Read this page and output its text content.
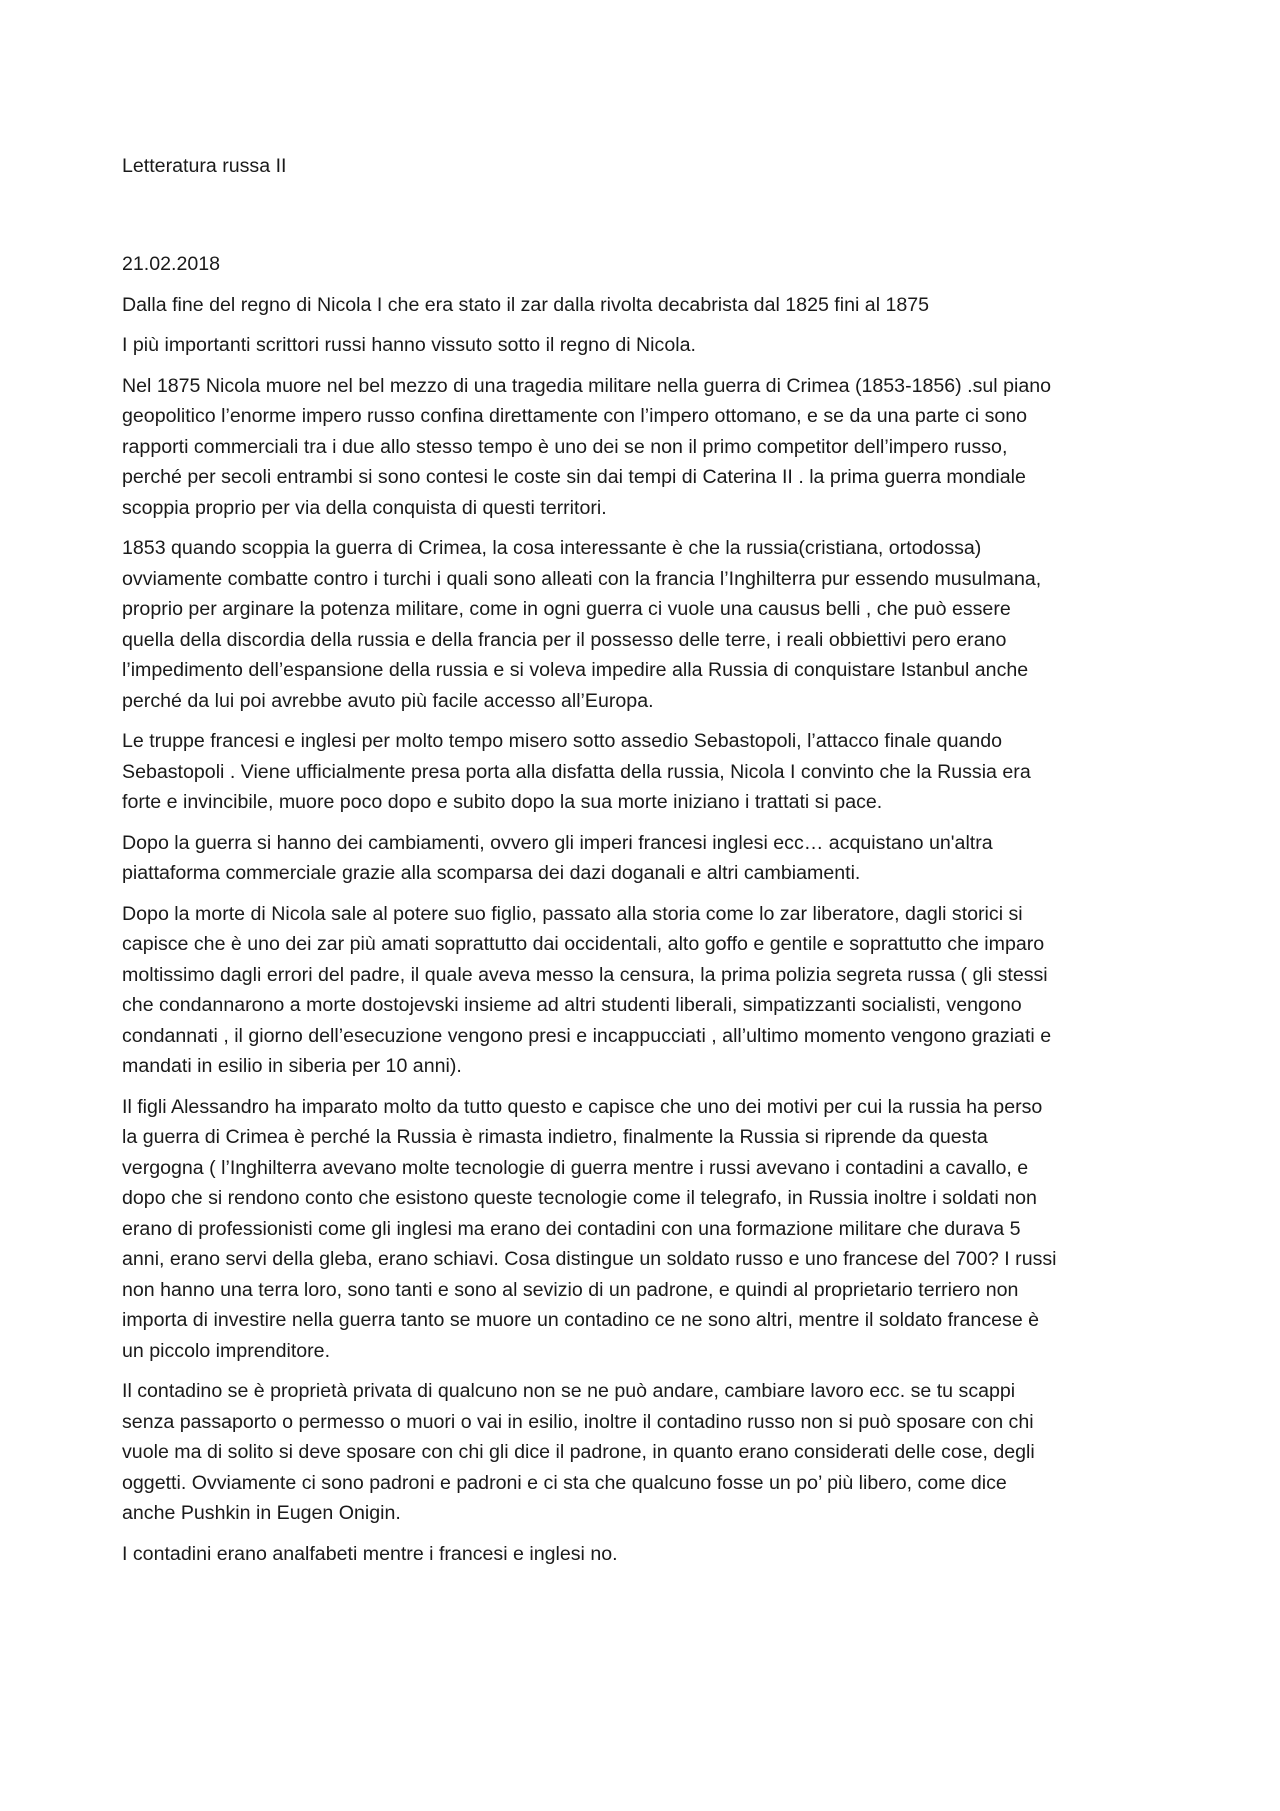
Letteratura russa II
21.02.2018

Dalla fine del regno di Nicola I che era stato il zar dalla rivolta decabrista dal 1825 fini al 1875

I più importanti scrittori russi hanno vissuto sotto il regno di Nicola.

Nel 1875 Nicola muore nel bel mezzo di una tragedia militare nella guerra di Crimea (1853-1856) .sul piano
geopolitico l’enorme impero russo confina direttamente con l’impero ottomano, e se da una parte ci sono
rapporti commerciali tra i due allo stesso tempo è uno dei se non il primo competitor dell’impero russo,
perché per secoli entrambi si sono contesi le coste sin dai tempi di Caterina II . la prima guerra mondiale
scoppia proprio per via della conquista di questi territori.

1853 quando scoppia la guerra di Crimea, la cosa interessante è che la russia(cristiana, ortodossa)
ovviamente combatte contro i turchi i quali sono alleati con la francia l’Inghilterra pur essendo musulmana,
proprio per arginare la potenza militare, come in ogni guerra ci vuole una causus belli , che può essere
quella della discordia della russia e della francia per il possesso delle terre, i reali obbiettivi pero erano
l’impedimento dell’espansione della russia e si voleva impedire alla Russia di conquistare Istanbul anche
perché da lui poi avrebbe avuto più facile accesso all’Europa.

Le truppe francesi e inglesi per molto tempo misero sotto assedio Sebastopoli, l’attacco finale quando
Sebastopoli . Viene ufficialmente presa porta alla disfatta della russia, Nicola I convinto che la Russia era
forte e invincibile, muore poco dopo e subito dopo la sua morte iniziano i trattati si pace.

Dopo la guerra si hanno dei cambiamenti, ovvero gli imperi francesi inglesi ecc… acquistano un'altra
piattaforma commerciale grazie alla scomparsa dei dazi doganali e altri cambiamenti.

Dopo la morte di Nicola sale al potere suo figlio, passato alla storia come lo zar liberatore, dagli storici si
capisce che è uno dei zar più amati soprattutto dai occidentali, alto goffo e gentile e soprattutto che imparo
moltissimo dagli errori del padre, il quale aveva messo la censura, la prima polizia segreta russa ( gli stessi
che condannarono a morte dostojevski insieme ad altri studenti liberali, simpatizzanti socialisti, vengono
condannati , il giorno dell’esecuzione vengono presi e incappucciati , all’ultimo momento vengono graziati e
mandati in esilio in siberia per 10 anni).

Il figli Alessandro ha imparato molto da tutto questo e capisce che uno dei motivi per cui la russia ha perso
la guerra di Crimea è perché la Russia è rimasta indietro, finalmente la Russia si riprende da questa
vergogna ( l’Inghilterra avevano molte tecnologie di guerra mentre i russi avevano i contadini a cavallo, e
dopo che si rendono conto che esistono queste tecnologie come il telegrafo, in Russia inoltre i soldati non
erano di professionisti come gli inglesi ma erano dei contadini con una formazione militare che durava 5
anni, erano servi della gleba, erano schiavi. Cosa distingue un soldato russo e uno francese del 700? I russi
non hanno una terra loro, sono tanti e sono al sevizio di un padrone, e quindi al proprietario terriero non
importa di investire nella guerra tanto se muore un contadino ce ne sono altri, mentre il soldato francese è
un piccolo imprenditore.

Il contadino se è proprietà privata di qualcuno non se ne può andare, cambiare lavoro ecc. se tu scappi
senza passaporto o permesso o muori o vai in esilio, inoltre il contadino russo non si può sposare con chi
vuole ma di solito si deve sposare con chi gli dice il padrone, in quanto erano considerati delle cose, degli
oggetti. Ovviamente ci sono padroni e padroni e ci sta che qualcuno fosse un po’ più libero, come dice
anche Pushkin in Eugen Onigin.

I contadini erano analfabeti mentre i francesi e inglesi no.
